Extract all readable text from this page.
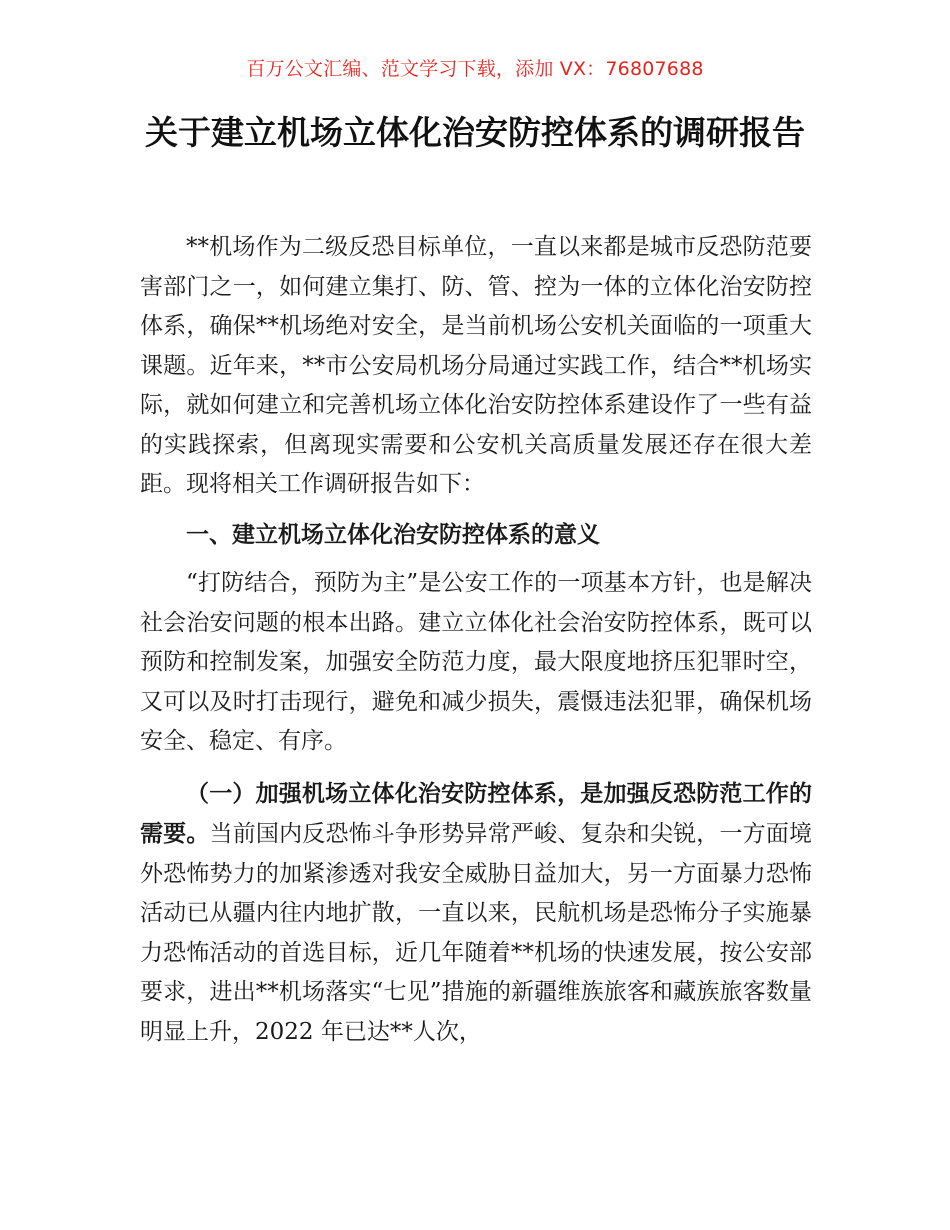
百万公文汇编、范文学习下载，添加 VX：76807688
关于建立机场立体化治安防控体系的调研报告

**机场作为二级反恐目标单位，一直以来都是城市反恐防范要害部门之一，如何建立集打、防、管、控为一体的立体化治安防控体系，确保**机场绝对安全，是当前机场公安机关面临的一项重大课题。近年来，**市公安局机场分局通过实践工作，结合**机场实际，就如何建立和完善机场立体化治安防控体系建设作了一些有益的实践探索，但离现实需要和公安机关高质量发展还存在很大差距。现将相关工作调研报告如下：

一、建立机场立体化治安防控体系的意义

“打防结合，预防为主”是公安工作的一项基本方针，也是解决社会治安问题的根本出路。建立立体化社会治安防控体系，既可以预防和控制发案，加强安全防范力度，最大限度地挤压犯罪时空，又可以及时打击现行，避免和减少损失，震慑违法犯罪，确保机场安全、稳定、有序。

（一）加强机场立体化治安防控体系，是加强反恐防范工作的需要。当前国内反恐怖斗争形势异常严峻、复杂和尖锐，一方面境外恐怖势力的加紧渗透对我安全威胁日益加大，另一方面暴力恐怖活动已从疆内往内地扩散，一直以来，民航机场是恐怖分子实施暴力恐怖活动的首选目标，近几年随着**机场的快速发展，按公安部要求，进出**机场落实“七见”措施的新疆维族旅客和藏族旅客数量明显上升，2022 年已达**人次，
